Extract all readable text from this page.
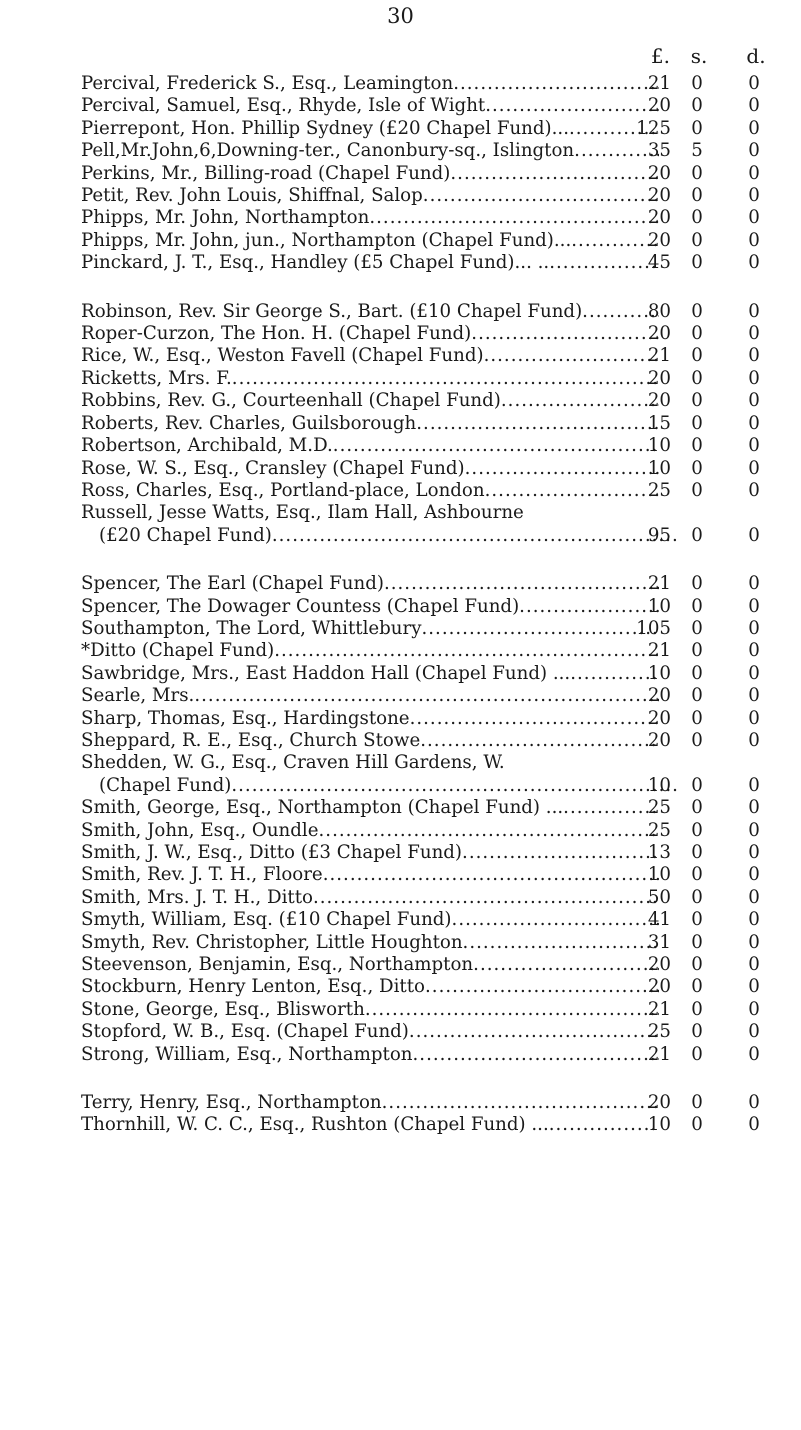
30
£. s. d.
Percival, Frederick S., Esq., Leamington .....	21 0 0
Percival, Samuel, Esq., Rhyde, Isle of Wight .....	20 0 0
Pierrepont, Hon. Phillip Sydney (£20 Chapel Fund)... .....	125 0 0
Pell,Mr.John,6,Downing-ter., Canonbury-sq., Islington .....	35 5 0
Perkins, Mr., Billing-road (Chapel Fund) .....	20 0 0
Petit, Rev. John Louis, Shiffnal, Salop .....	20 0 0
Phipps, Mr. John, Northampton .....	20 0 0
Phipps, Mr. John, jun., Northampton (Chapel Fund)... .....	20 0 0
Pinckard, J. T., Esq., Handley (£5 Chapel Fund)... .. .....	45 0 0
Robinson, Rev. Sir George S., Bart. (£10 Chapel Fund) .....	80 0 0
Roper-Curzon, The Hon. H. (Chapel Fund) .....	20 0 0
Rice, W., Esq., Weston Favell (Chapel Fund) .....	21 0 0
Ricketts, Mrs. F. .....	20 0 0
Robbins, Rev. G., Courteenhall (Chapel Fund) .....	20 0 0
Roberts, Rev. Charles, Guilsborough .....	15 0 0
Robertson, Archibald, M.D. .....	10 0 0
Rose, W. S., Esq., Cransley (Chapel Fund) .....	10 0 0
Ross, Charles, Esq., Portland-place, London .....	25 0 0
Russell, Jesse Watts, Esq., Ilam Hall, Ashbourne
(£20 Chapel Fund) .....	95 0 0
Spencer, The Earl (Chapel Fund) .....	21 0 0
Spencer, The Dowager Countess (Chapel Fund) .....	10 0 0
Southampton, The Lord, Whittlebury .....	105 0 0
*Ditto (Chapel Fund) .....	21 0 0
Sawbridge, Mrs., East Haddon Hall (Chapel Fund) ... .....	10 0 0
Searle, Mrs. .....	20 0 0
Sharp, Thomas, Esq., Hardingstone .....	20 0 0
Sheppard, R. E., Esq., Church Stowe .....	20 0 0
Shedden, W. G., Esq., Craven Hill Gardens, W.
(Chapel Fund) .....	10 0 0
Smith, George, Esq., Northampton (Chapel Fund) ... .....	25 0 0
Smith, John, Esq., Oundle .....	25 0 0
Smith, J. W., Esq., Ditto (£3 Chapel Fund) .....	13 0 0
Smith, Rev. J. T. H., Floore .....	10 0 0
Smith, Mrs. J. T. H., Ditto .....	50 0 0
Smyth, William, Esq. (£10 Chapel Fund) .....	41 0 0
Smyth, Rev. Christopher, Little Houghton .....	31 0 0
Steevenson, Benjamin, Esq., Northampton .....	20 0 0
Stockburn, Henry Lenton, Esq., Ditto .....	20 0 0
Stone, George, Esq., Blisworth .....	21 0 0
Stopford, W. B., Esq. (Chapel Fund) .....	25 0 0
Strong, William, Esq., Northampton .....	21 0 0
Terry, Henry, Esq., Northampton .....	20 0 0
Thornhill, W. C. C., Esq., Rushton (Chapel Fund) ... .....	10 0 0
